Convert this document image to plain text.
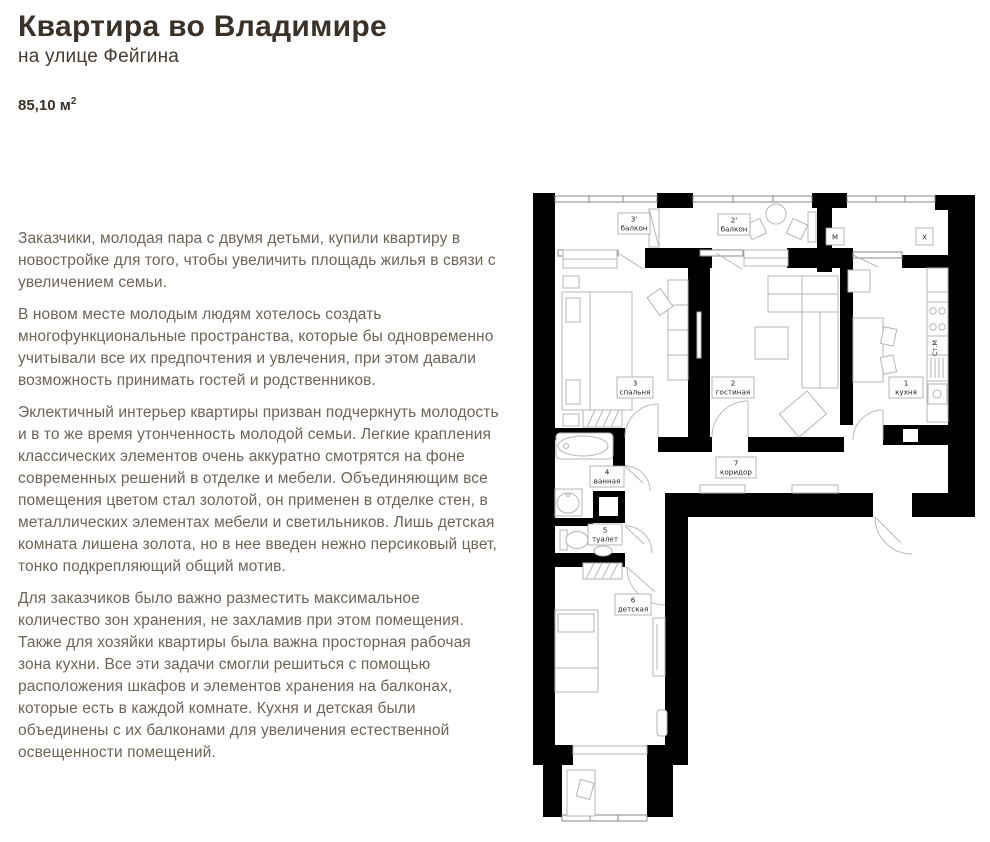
Квартира во Владимире
на улице Фейгина
85,10 $м^2$

Заказчики, молодая пара с двумя детьми, купили квартиру в новостройке для того, чтобы увеличить площадь жилья в связи с увеличением семьи.

В новом месте молодым людям хотелось создать многофункциональные пространства, которые бы одновременно учитывали все их предпочтения и увлечения, при этом давали возможность принимать гостей и родственников.

Эклектичный интерьер квартиры призван подчеркнуть молодость и в то же время утонченность молодой семьи. Легкие крапления классических элементов очень аккуратно смотрятся на фоне современных решений в отделке и мебели. Объединяющим все помещения цветом стал золотой, он применен в отделке стен, в металлических элементах мебели и светильников. Лишь детская комната лишена золота, но в нее введен нежно персиковый цвет, тонко подкрепляющий общий мотив.

Для заказчиков было важно разместить максимальное количество зон хранения, не захламив при этом помещения. Также для хозяйки квартиры была важна просторная рабочая зона кухни. Все эти задачи смогли решиться с помощью расположения шкафов и элементов хранения на балконах, которые есть в каждой комнате. Кухня и детская были объединены с их балконами для увеличения естественной освещенности помещений.

3'
балкон
2'
балкон
3
спальня
2
гостиная
1
кухня
7
коридор
4
ванная
5
туалет
6
детская
М	Х
Ст.М
